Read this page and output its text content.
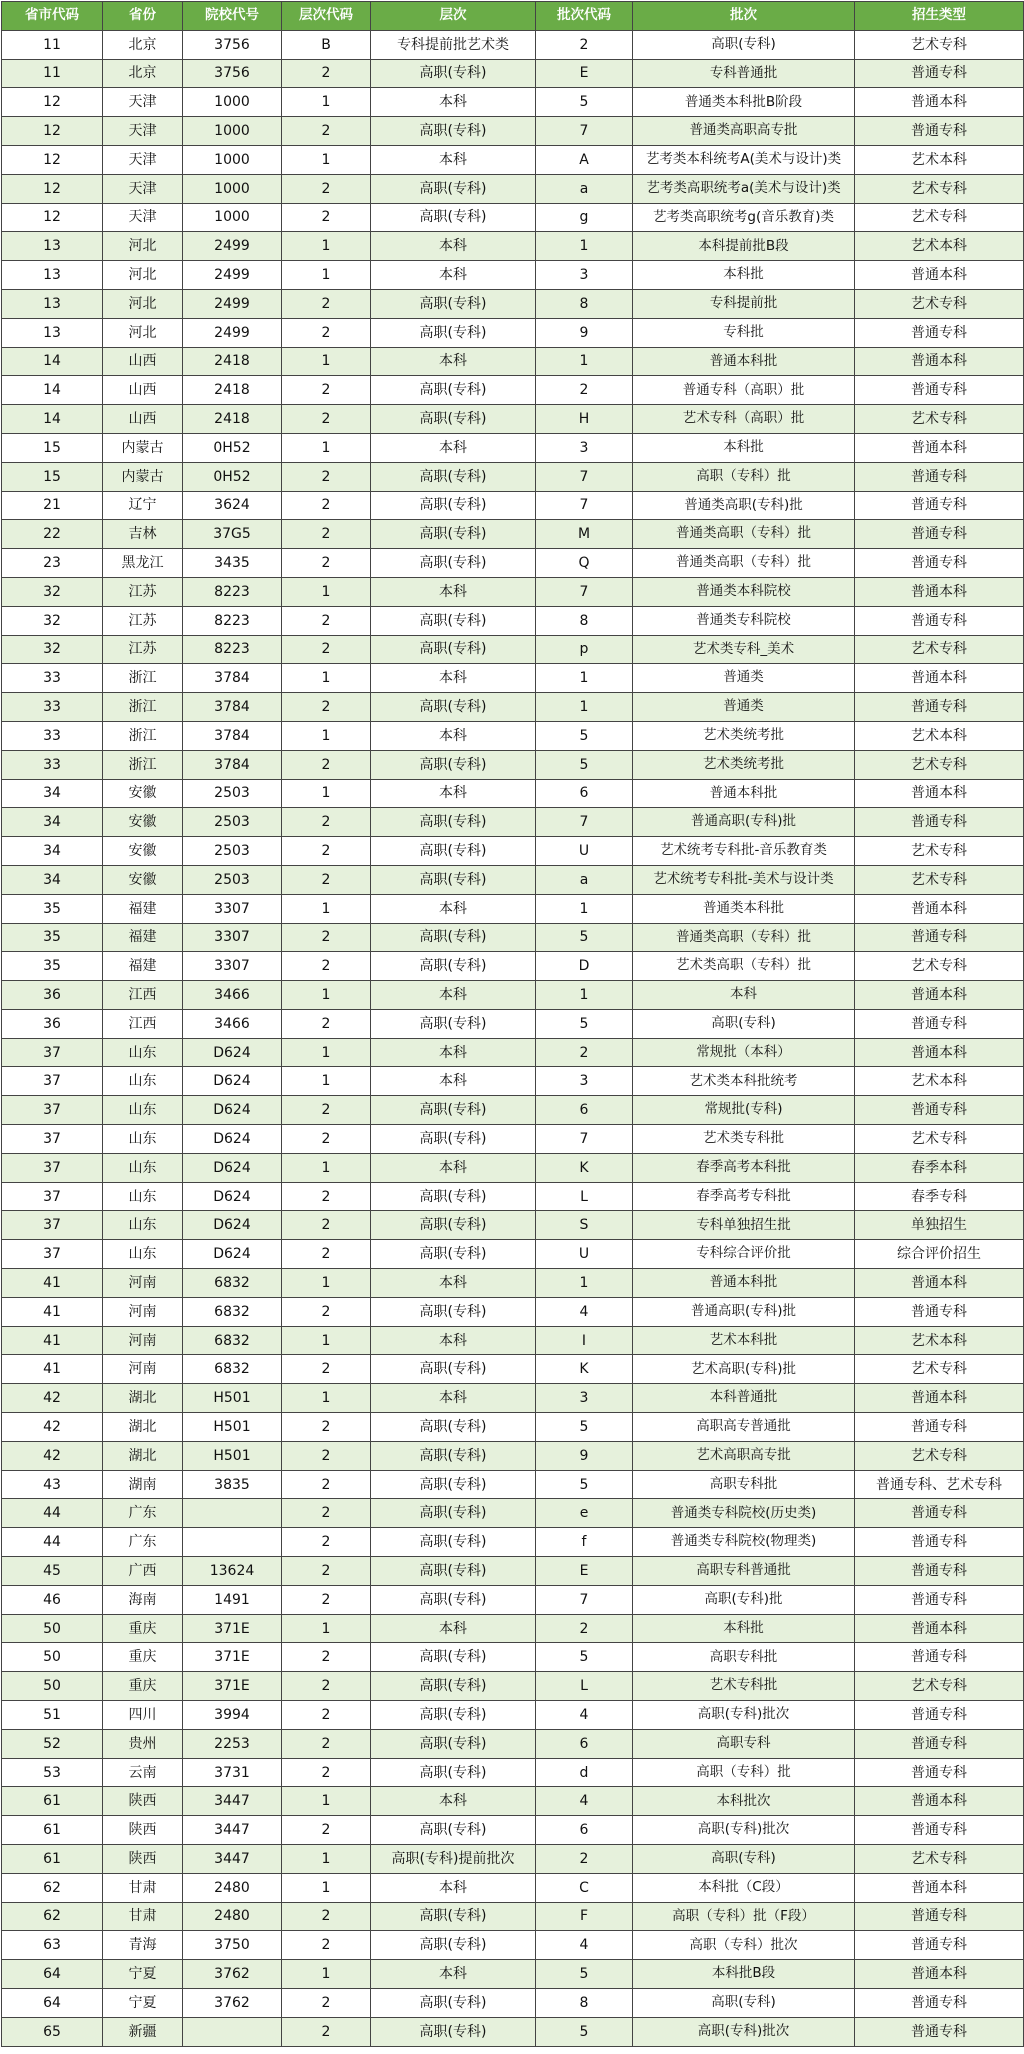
省市代码	省份	院校代号	层次代码	层次	批次代码	批次	招生类型
11	北京	3756	B	专科提前批艺术类	2	高职(专科)	艺术专科
11	北京	3756	2	高职(专科)	E	专科普通批	普通专科
12	天津	1000	1	本科	5	普通类本科批B阶段	普通本科
12	天津	1000	2	高职(专科)	7	普通类高职高专批	普通专科
12	天津	1000	1	本科	A	艺考类本科统考A(美术与设计)类	艺术本科
12	天津	1000	2	高职(专科)	a	艺考类高职统考a(美术与设计)类	艺术专科
12	天津	1000	2	高职(专科)	g	艺考类高职统考g(音乐教育)类	艺术专科
13	河北	2499	1	本科	1	本科提前批B段	艺术本科
13	河北	2499	1	本科	3	本科批	普通本科
13	河北	2499	2	高职(专科)	8	专科提前批	艺术专科
13	河北	2499	2	高职(专科)	9	专科批	普通专科
14	山西	2418	1	本科	1	普通本科批	普通本科
14	山西	2418	2	高职(专科)	2	普通专科（高职）批	普通专科
14	山西	2418	2	高职(专科)	H	艺术专科（高职）批	艺术专科
15	内蒙古	0H52	1	本科	3	本科批	普通本科
15	内蒙古	0H52	2	高职(专科)	7	高职（专科）批	普通专科
21	辽宁	3624	2	高职(专科)	7	普通类高职(专科)批	普通专科
22	吉林	37G5	2	高职(专科)	M	普通类高职（专科）批	普通专科
23	黑龙江	3435	2	高职(专科)	Q	普通类高职（专科）批	普通专科
32	江苏	8223	1	本科	7	普通类本科院校	普通本科
32	江苏	8223	2	高职(专科)	8	普通类专科院校	普通专科
32	江苏	8223	2	高职(专科)	p	艺术类专科_美术	艺术专科
33	浙江	3784	1	本科	1	普通类	普通本科
33	浙江	3784	2	高职(专科)	1	普通类	普通专科
33	浙江	3784	1	本科	5	艺术类统考批	艺术本科
33	浙江	3784	2	高职(专科)	5	艺术类统考批	艺术专科
34	安徽	2503	1	本科	6	普通本科批	普通本科
34	安徽	2503	2	高职(专科)	7	普通高职(专科)批	普通专科
34	安徽	2503	2	高职(专科)	U	艺术统考专科批-音乐教育类	艺术专科
34	安徽	2503	2	高职(专科)	a	艺术统考专科批-美术与设计类	艺术专科
35	福建	3307	1	本科	1	普通类本科批	普通本科
35	福建	3307	2	高职(专科)	5	普通类高职（专科）批	普通专科
35	福建	3307	2	高职(专科)	D	艺术类高职（专科）批	艺术专科
36	江西	3466	1	本科	1	本科	普通本科
36	江西	3466	2	高职(专科)	5	高职(专科)	普通专科
37	山东	D624	1	本科	2	常规批（本科）	普通本科
37	山东	D624	1	本科	3	艺术类本科批统考	艺术本科
37	山东	D624	2	高职(专科)	6	常规批(专科)	普通专科
37	山东	D624	2	高职(专科)	7	艺术类专科批	艺术专科
37	山东	D624	1	本科	K	春季高考本科批	春季本科
37	山东	D624	2	高职(专科)	L	春季高考专科批	春季专科
37	山东	D624	2	高职(专科)	S	专科单独招生批	单独招生
37	山东	D624	2	高职(专科)	U	专科综合评价批	综合评价招生
41	河南	6832	1	本科	1	普通本科批	普通本科
41	河南	6832	2	高职(专科)	4	普通高职(专科)批	普通专科
41	河南	6832	1	本科	I	艺术本科批	艺术本科
41	河南	6832	2	高职(专科)	K	艺术高职(专科)批	艺术专科
42	湖北	H501	1	本科	3	本科普通批	普通本科
42	湖北	H501	2	高职(专科)	5	高职高专普通批	普通专科
42	湖北	H501	2	高职(专科)	9	艺术高职高专批	艺术专科
43	湖南	3835	2	高职(专科)	5	高职专科批	普通专科、艺术专科
44	广东		2	高职(专科)	e	普通类专科院校(历史类)	普通专科
44	广东		2	高职(专科)	f	普通类专科院校(物理类)	普通专科
45	广西	13624	2	高职(专科)	E	高职专科普通批	普通专科
46	海南	1491	2	高职(专科)	7	高职(专科)批	普通专科
50	重庆	371E	1	本科	2	本科批	普通本科
50	重庆	371E	2	高职(专科)	5	高职专科批	普通专科
50	重庆	371E	2	高职(专科)	L	艺术专科批	艺术专科
51	四川	3994	2	高职(专科)	4	高职(专科)批次	普通专科
52	贵州	2253	2	高职(专科)	6	高职专科	普通专科
53	云南	3731	2	高职(专科)	d	高职（专科）批	普通专科
61	陕西	3447	1	本科	4	本科批次	普通本科
61	陕西	3447	2	高职(专科)	6	高职(专科)批次	普通专科
61	陕西	3447	1	高职(专科)提前批次	2	高职(专科)	艺术专科
62	甘肃	2480	1	本科	C	本科批（C段）	普通本科
62	甘肃	2480	2	高职(专科)	F	高职（专科）批（F段）	普通专科
63	青海	3750	2	高职(专科)	4	高职（专科）批次	普通专科
64	宁夏	3762	1	本科	5	本科批B段	普通本科
64	宁夏	3762	2	高职(专科)	8	高职(专科)	普通专科
65	新疆		2	高职(专科)	5	高职(专科)批次	普通专科
